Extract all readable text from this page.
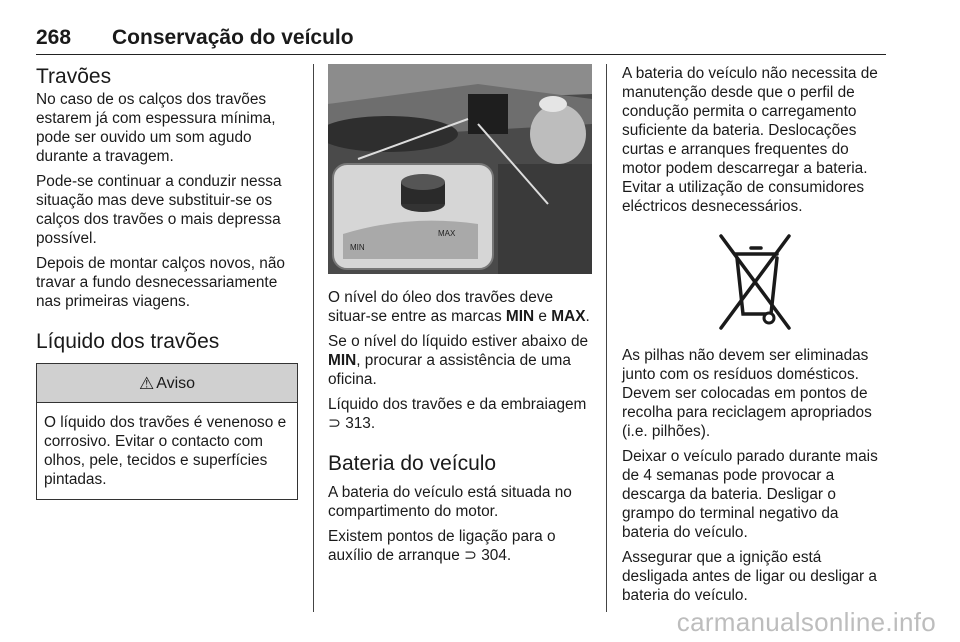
268 Conservação do veículo
Travões

No caso de os calços dos travões estarem já com espessura mínima, pode ser ouvido um som agudo durante a travagem.

Pode-se continuar a conduzir nessa situação mas deve substituir-se os calços dos travões o mais depressa possível.

Depois de montar calços novos, não travar a fundo desnecessariamente nas primeiras viagens.

Líquido dos travões
⚠ Aviso
O líquido dos travões é venenoso e corrosivo. Evitar o contacto com olhos, pele, tecidos e superfícies pintadas.
MAX
MIN

O nível do óleo dos travões deve situar-se entre as marcas MIN e MAX.

Se o nível do líquido estiver abaixo de MIN, procurar a assistência de uma oficina.

Líquido dos travões e da embraiagem ⊃ 313.

Bateria do veículo

A bateria do veículo está situada no compartimento do motor.

Existem pontos de ligação para o auxílio de arranque ⊃ 304.

A bateria do veículo não necessita de manutenção desde que o perfil de condução permita o carregamento suficiente da bateria. Deslocações curtas e arranques frequentes do motor podem descarregar a bateria. Evitar a utilização de consumidores eléctricos desnecessários.

As pilhas não devem ser eliminadas junto com os resíduos domésticos. Devem ser colocadas em pontos de recolha para reciclagem apropriados (i.e. pilhões).

Deixar o veículo parado durante mais de 4 semanas pode provocar a descarga da bateria. Desligar o grampo do terminal negativo da bateria do veículo.

Assegurar que a ignição está desligada antes de ligar ou desligar a bateria do veículo.

carmanualsonline.info
